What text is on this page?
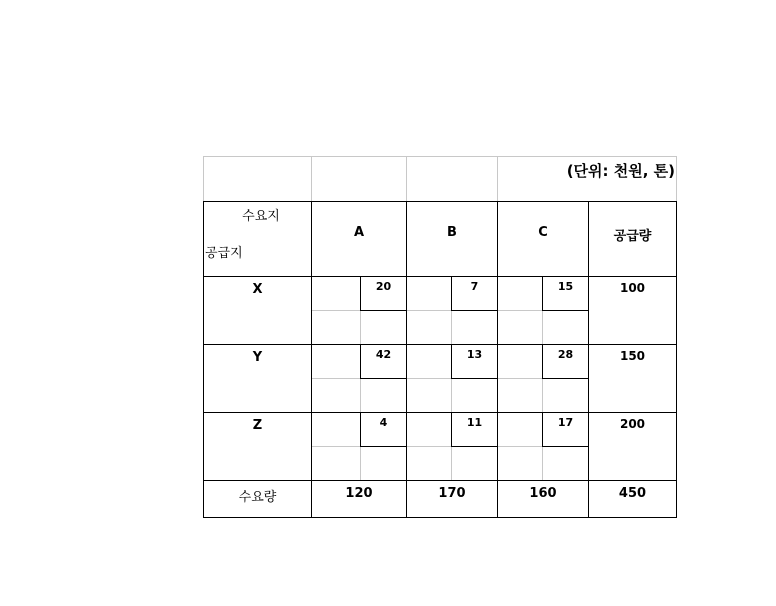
(단위: 천원, 톤)
수요지
공급지
A	B	C	공급량
X	20	7	15	100
Y	42	13	28	150
Z	4	11	17	200
수요량	120	170	160	450
